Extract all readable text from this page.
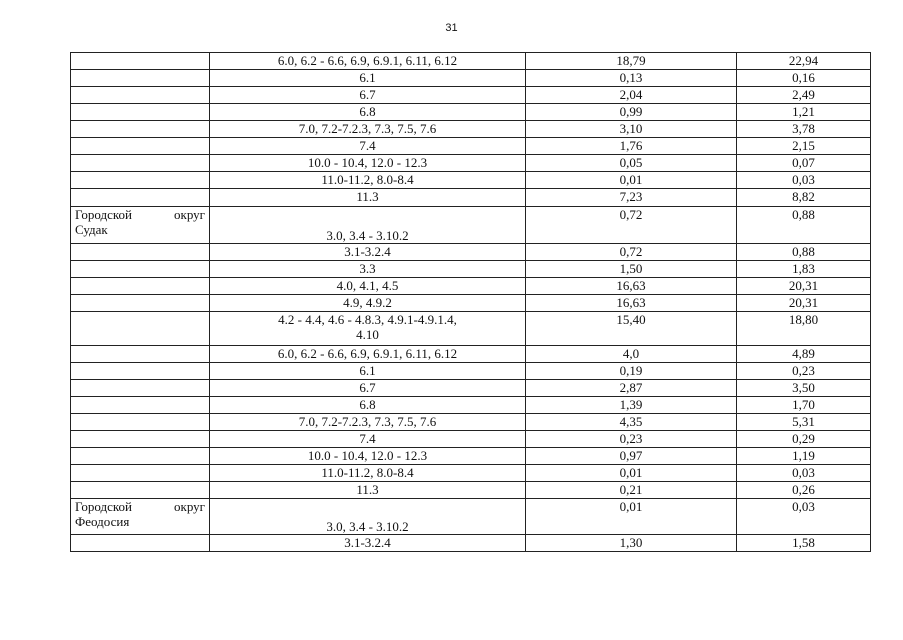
31
	6.0, 6.2 - 6.6, 6.9, 6.9.1, 6.11, 6.12	18,79	22,94
	6.1	0,13	0,16
	6.7	2,04	2,49
	6.8	0,99	1,21
	7.0, 7.2-7.2.3, 7.3, 7.5, 7.6	3,10	3,78
	7.4	1,76	2,15
	10.0 - 10.4, 12.0 - 12.3	0,05	0,07
	11.0-11.2, 8.0-8.4	0,01	0,03
	11.3	7,23	8,82

Городской округ
Судак	3.0, 3.4 - 3.10.2	0,72	0,88
	3.1-3.2.4	0,72	0,88
	3.3	1,50	1,83
	4.0, 4.1, 4.5	16,63	20,31
	4.9, 4.9.2	16,63	20,31

	4.2 - 4.4, 4.6 - 4.8.3, 4.9.1-4.9.1.4,
4.10	15,40	18,80
	6.0, 6.2 - 6.6, 6.9, 6.9.1, 6.11, 6.12	4,0	4,89
	6.1	0,19	0,23
	6.7	2,87	3,50
	6.8	1,39	1,70
	7.0, 7.2-7.2.3, 7.3, 7.5, 7.6	4,35	5,31
	7.4	0,23	0,29
	10.0 - 10.4, 12.0 - 12.3	0,97	1,19
	11.0-11.2, 8.0-8.4	0,01	0,03
	11.3	0,21	0,26

Городской округ
Феодосия	3.0, 3.4 - 3.10.2	0,01	0,03
	3.1-3.2.4	1,30	1,58
